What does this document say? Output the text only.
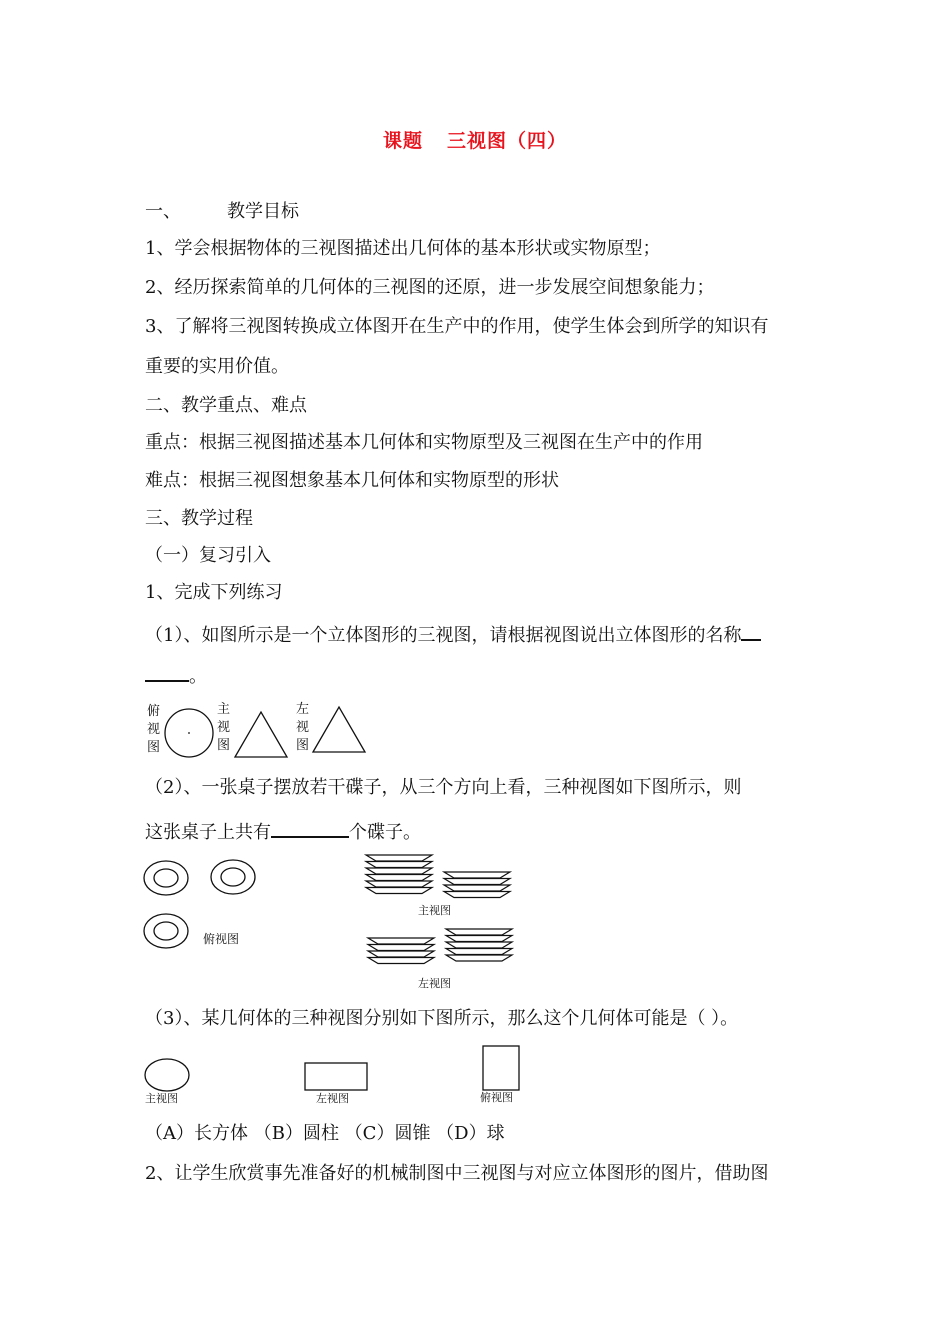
课题 三视图（四）
一、	教学目标
1、学会根据物体的三视图描述出几何体的基本形状或实物原型；
2、经历探索简单的几何体的三视图的还原，进一步发展空间想象能力；
3、了解将三视图转换成立体图开在生产中的作用，使学生体会到所学的知识有
重要的实用价值。
二、教学重点、难点
重点：根据三视图描述基本几何体和实物原型及三视图在生产中的作用
难点：根据三视图想象基本几何体和实物原型的形状
三、教学过程
（一）复习引入
1、完成下列练习
（1）、如图所示是一个立体图形的三视图，请根据视图说出立体图形的名称
。
俯
视
图
主
视
图
左
视
图
（2）、一张桌子摆放若干碟子，从三个方向上看，三种视图如下图所示，则
这张桌子上共有	个碟子。
俯视图
主视图
左视图
（3）、某几何体的三种视图分别如下图所示，那么这个几何体可能是（ ）。
主视图	左视图	俯视图
（A）长方体 （B）圆柱 （C）圆锥 （D）球
2、让学生欣赏事先准备好的机械制图中三视图与对应立体图形的图片，借助图
